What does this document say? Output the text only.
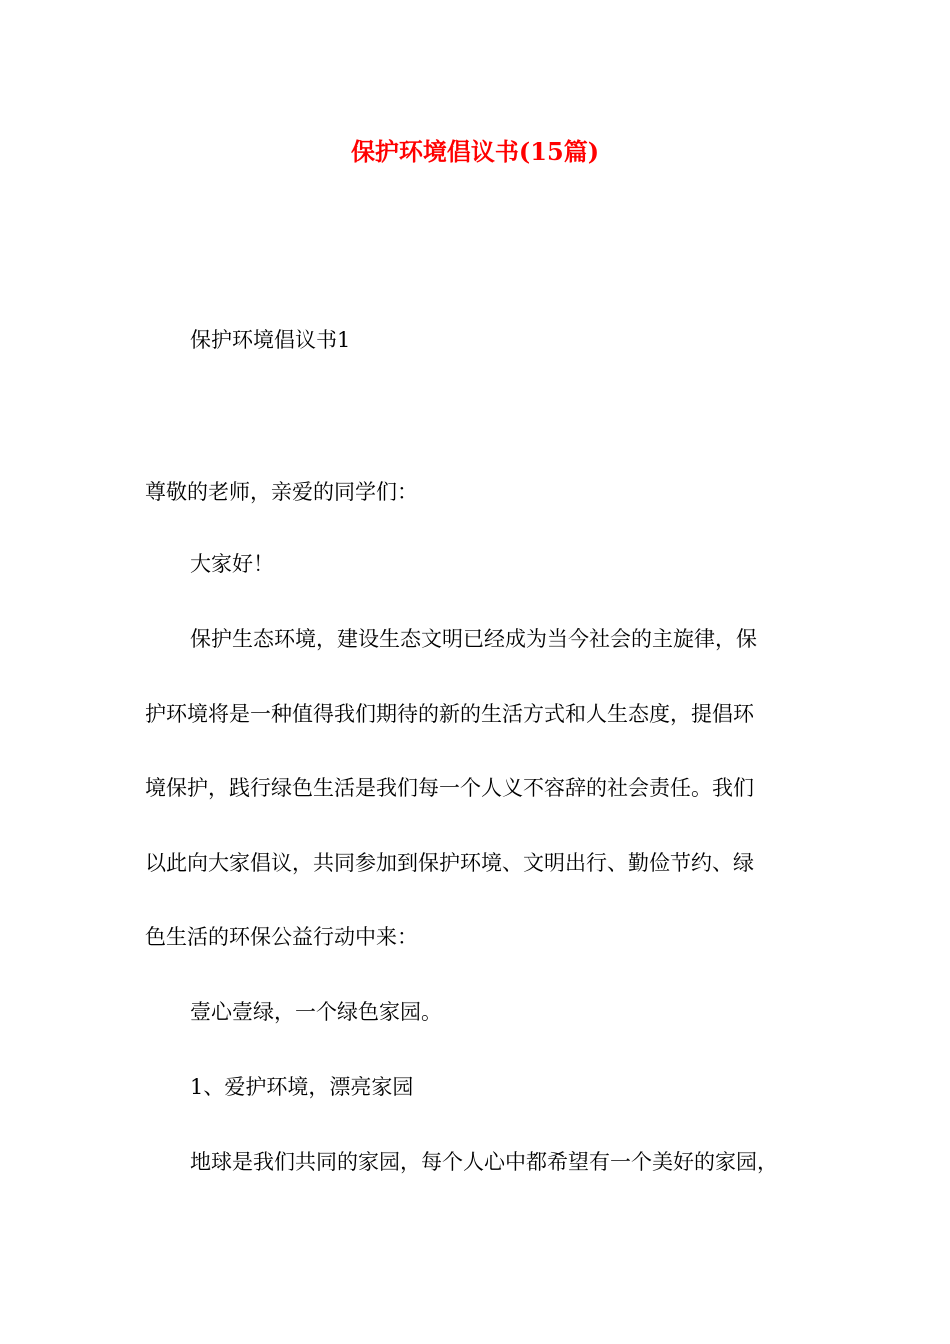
保护环境倡议书(15篇)

保护环境倡议书1

尊敬的老师，亲爱的同学们：

大家好！

保护生态环境，建设生态文明已经成为当今社会的主旋律，保

护环境将是一种值得我们期待的新的生活方式和人生态度，提倡环

境保护，践行绿色生活是我们每一个人义不容辞的社会责任。我们

以此向大家倡议，共同参加到保护环境、文明出行、勤俭节约、绿

色生活的环保公益行动中来：

壹心壹绿，一个绿色家园。

1、爱护环境，漂亮家园

地球是我们共同的家园，每个人心中都希望有一个美好的家园，
